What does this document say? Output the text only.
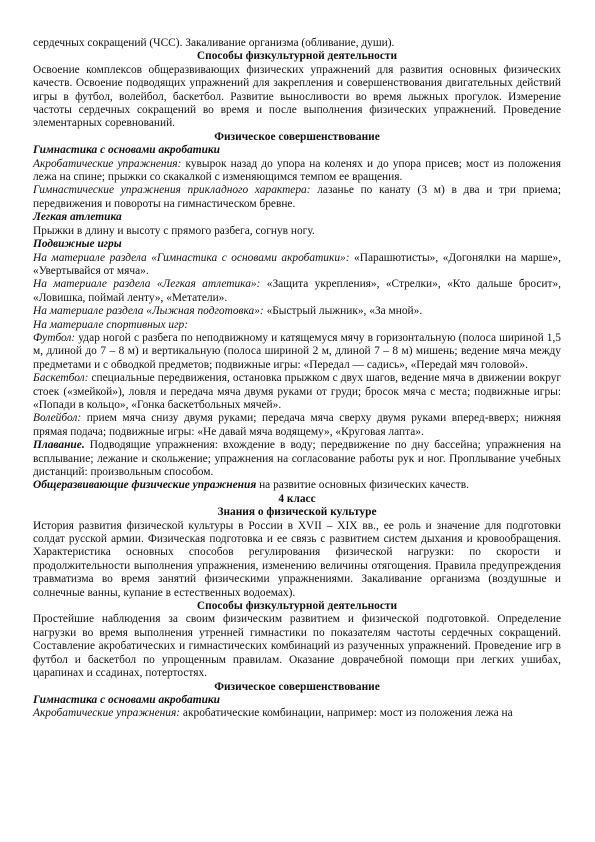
сердечных сокращений (ЧСС). Закаливание организма (обливание, души).

Способы физкультурной деятельности

Освоение комплексов общеразвивающих физических упражнений для развития основных физических качеств. Освоение подводящих упражнений для закрепления и совершенствования двигательных действий игры в футбол, волейбол, баскетбол. Развитие выносливости во время лыжных прогулок. Измерение частоты сердечных сокращений во время и после выполнения физических упражнений. Проведение элементарных соревнований.

Физическое совершенствование

Гимнастика с основами акробатики

Акробатические упражнения: кувырок назад до упора на коленях и до упора присев; мост из положения лежа на спине; прыжки со скакалкой с изменяющимся темпом ее вращения.

Гимнастические упражнения прикладного характера: лазанье по канату (3 м) в два и три приема; передвижения и повороты на гимнастическом бревне.

Легкая атлетика

Прыжки в длину и высоту с прямого разбега, согнув ногу.

Подвижные игры

На материале раздела «Гимнастика с основами акробатики»: «Парашютисты», «Догонялки на марше», «Увертывайся от мяча».

На материале раздела «Легкая атлетика»: «Защита укрепления», «Стрелки», «Кто дальше бросит», «Ловишка, поймай ленту», «Метатели».

На материале раздела «Лыжная подготовка»: «Быстрый лыжник», «За мной».

На материале спортивных игр:

Футбол: удар ногой с разбега по неподвижному и катящемуся мячу в горизонтальную (полоса шириной 1,5 м, длиной до 7 – 8 м) и вертикальную (полоса шириной 2 м, длиной 7 – 8 м) мишень; ведение мяча между предметами и с обводкой предметов; подвижные игры: «Передал — садись», «Передай мяч головой».

Баскетбол: специальные передвижения, остановка прыжком с двух шагов, ведение мяча в движении вокруг стоек («змейкой»), ловля и передача мяча двумя руками от груди; бросок мяча с места; подвижные игры: «Попади в кольцо», «Гонка баскетбольных мячей».

Волейбол: прием мяча снизу двумя руками; передача мяча сверху двумя руками вперед-вверх; нижняя прямая подача; подвижные игры: «Не давай мяча водящему», «Круговая лапта».

Плавание. Подводящие упражнения: вхождение в воду; передвижение по дну бассейна; упражнения на всплывание; лежание и скольжение; упражнения на согласование работы рук и ног. Проплывание учебных дистанций: произвольным способом.

Общеразвивающие физические упражнения на развитие основных физических качеств.

4 класс

Знания о физической культуре

История развития физической культуры в России в XVII – XIX вв., ее роль и значение для подготовки солдат русской армии. Физическая подготовка и ее связь с развитием систем дыхания и кровообращения. Характеристика основных способов регулирования физической нагрузки: по скорости и продолжительности выполнения упражнения, изменению величины отягощения. Правила предупреждения травматизма во время занятий физическими упражнениями. Закаливание организма (воздушные и солнечные ванны, купание в естественных водоемах).

Способы физкультурной деятельности

Простейшие наблюдения за своим физическим развитием и физической подготовкой. Определение нагрузки во время выполнения утренней гимнастики по показателям частоты сердечных сокращений. Составление акробатических и гимнастических комбинаций из разученных упражнений. Проведение игр в футбол и баскетбол по упрощенным правилам. Оказание доврачебной помощи при легких ушибах, царапинах и ссадинах, потертостях.

Физическое совершенствование

Гимнастика с основами акробатики

Акробатические упражнения: акробатические комбинации, например: мост из положения лежа на
